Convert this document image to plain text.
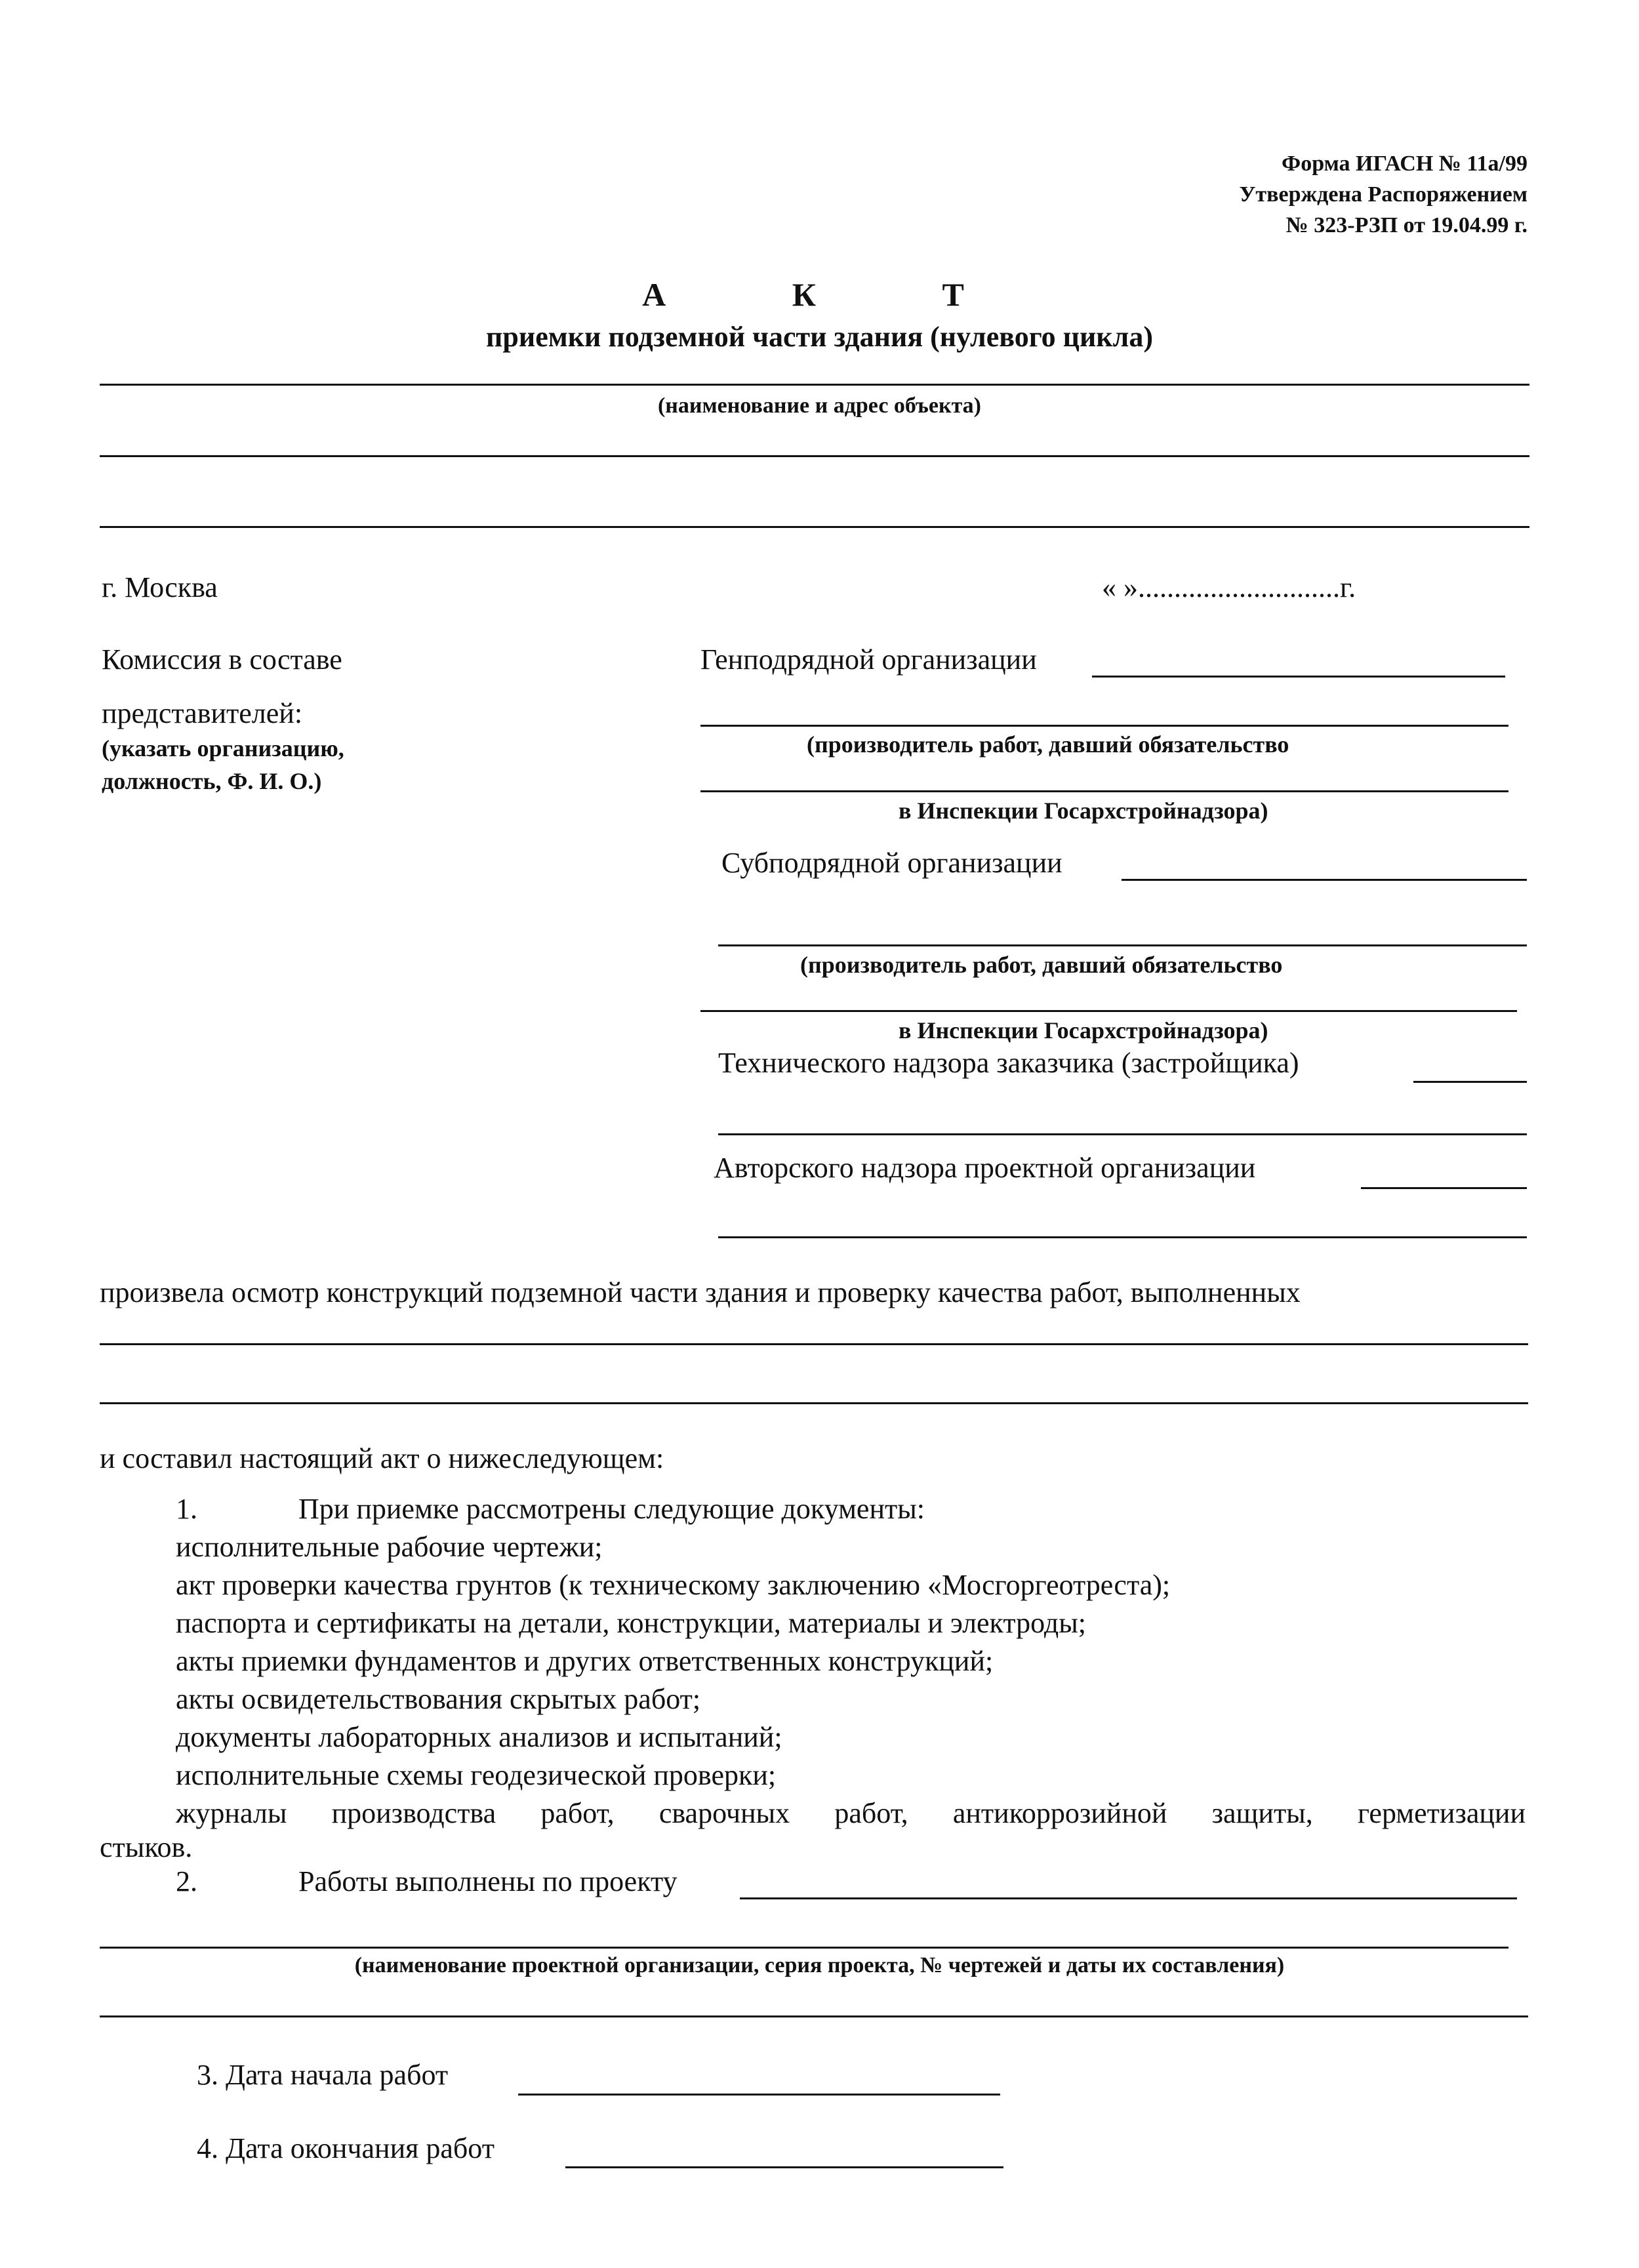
Форма ИГАСН № 11а/99
Утверждена Распоряжением
№ 323-РЗП от 19.04.99 г.
А К Т
приемки подземной части здания (нулевого цикла)
(наименование и адрес объекта)
г. Москва	« »............................г.
Комиссия в составе
представителей:
(указать организацию,
должность, Ф. И. О.)
Генподрядной организации
(производитель работ, давший обязательство
в Инспекции Госархстройнадзора)
Субподрядной организации
(производитель работ, давший обязательство
в Инспекции Госархстройнадзора)
Технического надзора заказчика (застройщика)
Авторского надзора проектной организации
произвела осмотр конструкций подземной части здания и проверку качества работ, выполненных
и составил настоящий акт о нижеследующем:
1.	При приемке рассмотрены следующие документы:
исполнительные рабочие чертежи;
акт проверки качества грунтов (к техническому заключению «Мосгоргеотреста);
паспорта и сертификаты на детали, конструкции, материалы и электроды;
акты приемки фундаментов и других ответственных конструкций;
акты освидетельствования скрытых работ;
документы лабораторных анализов и испытаний;
исполнительные схемы геодезической проверки;
журналы производства работ, сварочных работ, антикоррозийной защиты, герметизации
стыков.
2.	Работы выполнены по проекту
(наименование проектной организации, серия проекта, № чертежей и даты их составления)
3. Дата начала работ
4. Дата окончания работ
